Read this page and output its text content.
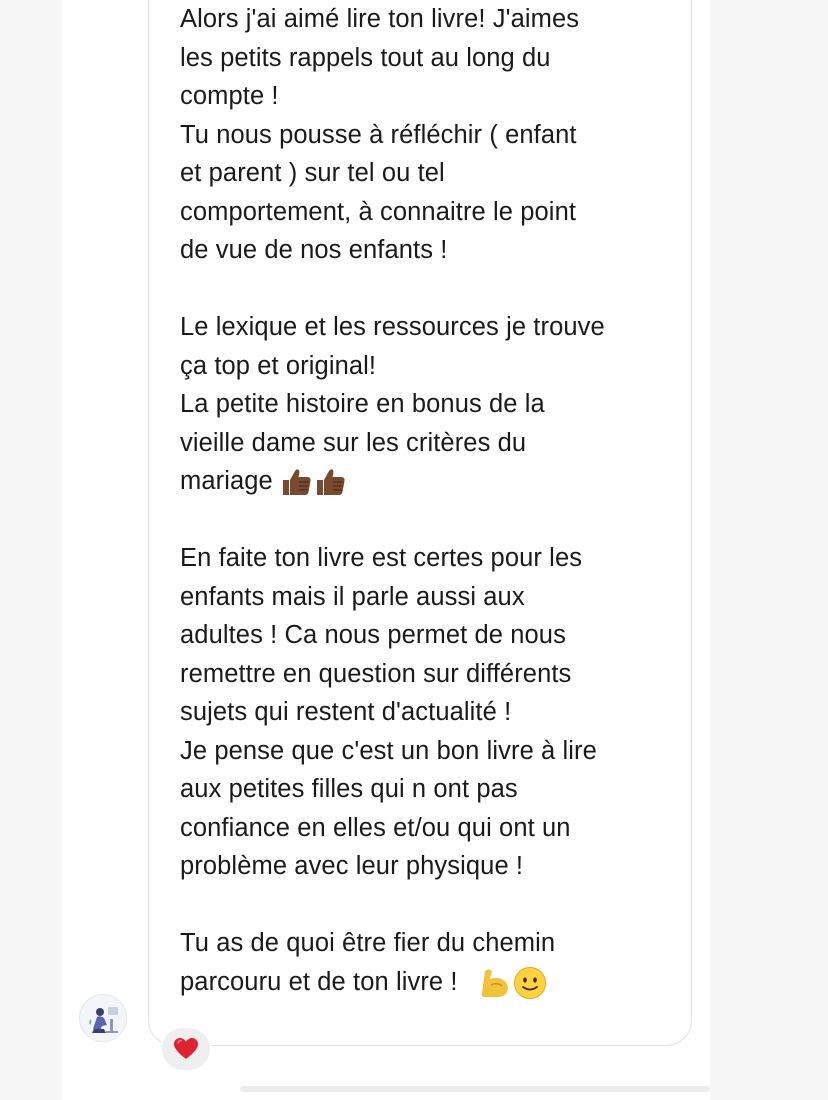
Alors j'ai aimé lire ton livre! J'aimes
les petits rappels tout au long du
compte !
Tu nous pousse à réfléchir ( enfant
et parent ) sur tel ou tel
comportement, à connaitre le point
de vue de nos enfants !
Le lexique et les ressources je trouve
ça top et original!
La petite histoire en bonus de la
vieille dame sur les critères du
mariage
En faite ton livre est certes pour les
enfants mais il parle aussi aux
adultes ! Ca nous permet de nous
remettre en question sur différents
sujets qui restent d'actualité !
Je pense que c'est un bon livre à lire
aux petites filles qui n ont pas
confiance en elles et/ou qui ont un
problème avec leur physique !
Tu as de quoi être fier du chemin
parcouru et de ton livre !
